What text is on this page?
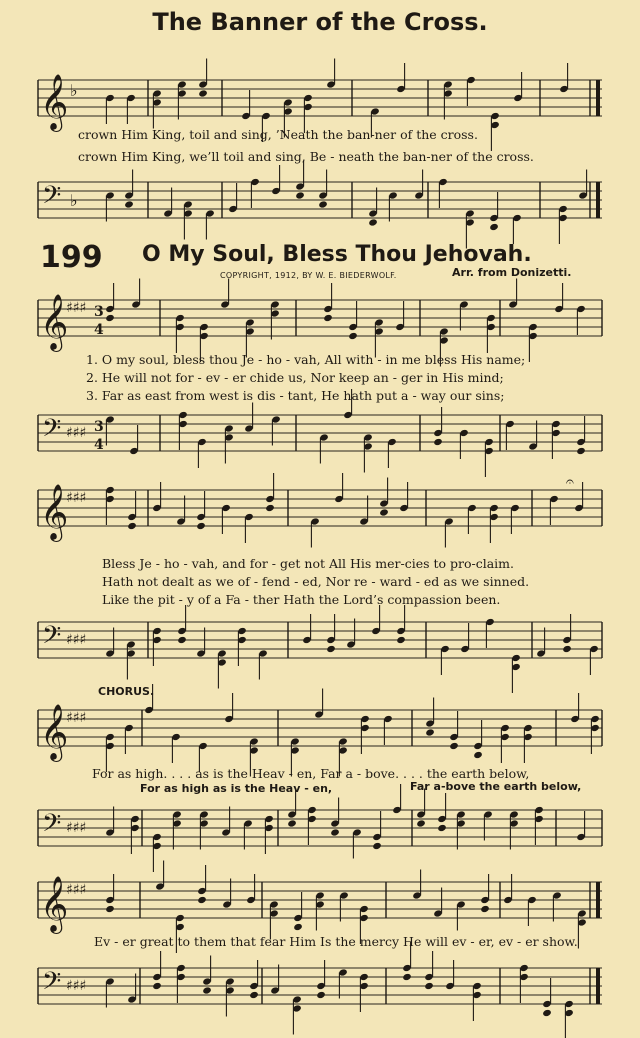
The Banner of the Cross.
𝄞 ♭
crown Him King, toil and sing, ’Neath the ban-ner of the cross.
crown Him King, we’ll toil and sing, Be - neath the ban-ner of the cross.
𝄢 ♭
199 O My Soul, Bless Thou Jehovah.
COPYRIGHT, 1912, BY W. E. BIEDERWOLF.	Arr. from Donizetti.
𝄞
♯♯♯ 3
4
1. O my soul, bless thou Je - ho - vah, All with - in me bless His name;
2. He will not for - ev - er chide us, Nor keep an - ger in His mind;
3. Far as east from west is dis - tant, He hath put a - way our sins;
𝄢 ♯♯♯ 3
4
𝄞
♯♯♯
𝄐
Bless Je - ho - vah, and for - get not All His mer-cies to pro-claim.
Hath not dealt as we of - fend - ed, Nor re - ward - ed as we sinned.
Like the pit - y of a Fa - ther Hath the Lord’s compassion been.
𝄢 ♯♯♯
CHORUS.
𝄞
♯♯♯
For as high. . . . as is the Heav - en, Far a - bove. . . . the earth below,
For as high as is the Heav - en,	Far a-bove the earth below,
𝄢 ♯♯♯
𝄞
♯♯♯
Ev - er great to them that fear Him Is the mercy He will ev - er, ev - er show.
𝄢 ♯♯♯
